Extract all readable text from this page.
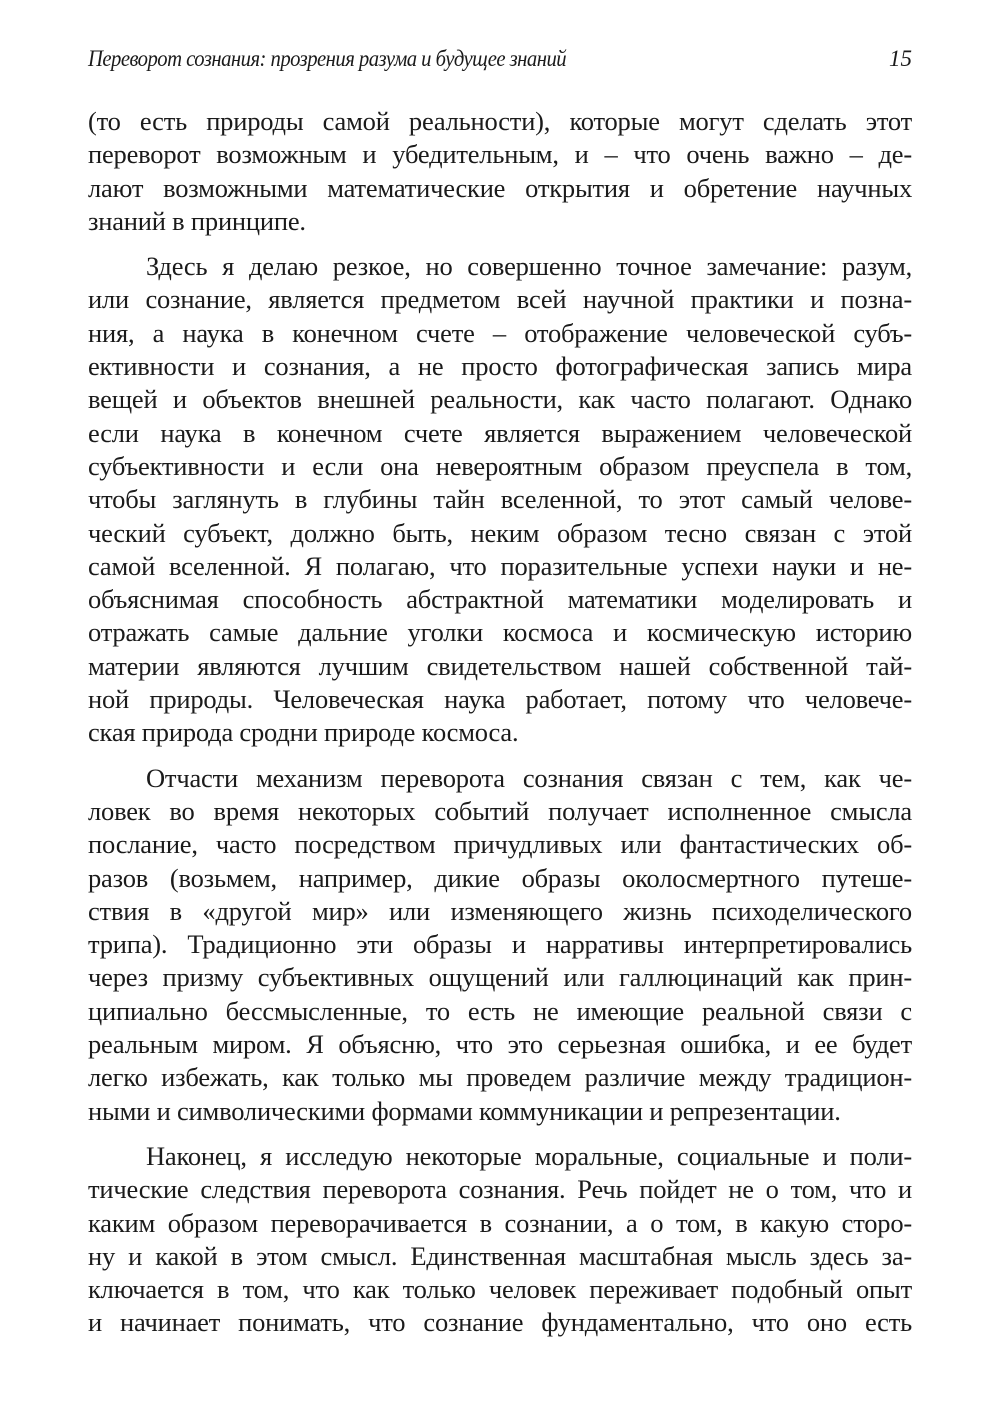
Переворот сознания: прозрения разума и будущее знаний	15
(то есть природы самой реальности), которые могут сделать этот
переворот возможным и убедительным, и – что очень важно – де-
лают возможными математические открытия и обретение научных
знаний в принципе.
Здесь я делаю резкое, но совершенно точное замечание: разум,
или сознание, является предметом всей научной практики и позна-
ния, а наука в конечном счете – отображение человеческой субъ-
ективности и сознания, а не просто фотографическая запись мира
вещей и объектов внешней реальности, как часто полагают. Однако
если наука в конечном счете является выражением человеческой
субъективности и если она невероятным образом преуспела в том,
чтобы заглянуть в глубины тайн вселенной, то этот самый челове-
ческий субъект, должно быть, неким образом тесно связан с этой
самой вселенной. Я полагаю, что поразительные успехи науки и не-
объяснимая способность абстрактной математики моделировать и
отражать самые дальние уголки космоса и космическую историю
материи являются лучшим свидетельством нашей собственной тай-
ной природы. Человеческая наука работает, потому что человече-
ская природа сродни природе космоса.
Отчасти механизм переворота сознания связан с тем, как че-
ловек во время некоторых событий получает исполненное смысла
послание, часто посредством причудливых или фантастических об-
разов (возьмем, например, дикие образы околосмертного путеше-
ствия в «другой мир» или изменяющего жизнь психоделического
трипа). Традиционно эти образы и нарративы интерпретировались
через призму субъективных ощущений или галлюцинаций как прин-
ципиально бессмысленные, то есть не имеющие реальной связи с
реальным миром. Я объясню, что это серьезная ошибка, и ее будет
легко избежать, как только мы проведем различие между традицион-
ными и символическими формами коммуникации и репрезентации.
Наконец, я исследую некоторые моральные, социальные и поли-
тические следствия переворота сознания. Речь пойдет не о том, что и
каким образом переворачивается в сознании, а о том, в какую сторо-
ну и какой в этом смысл. Единственная масштабная мысль здесь за-
ключается в том, что как только человек переживает подобный опыт
и начинает понимать, что сознание фундаментально, что оно есть
